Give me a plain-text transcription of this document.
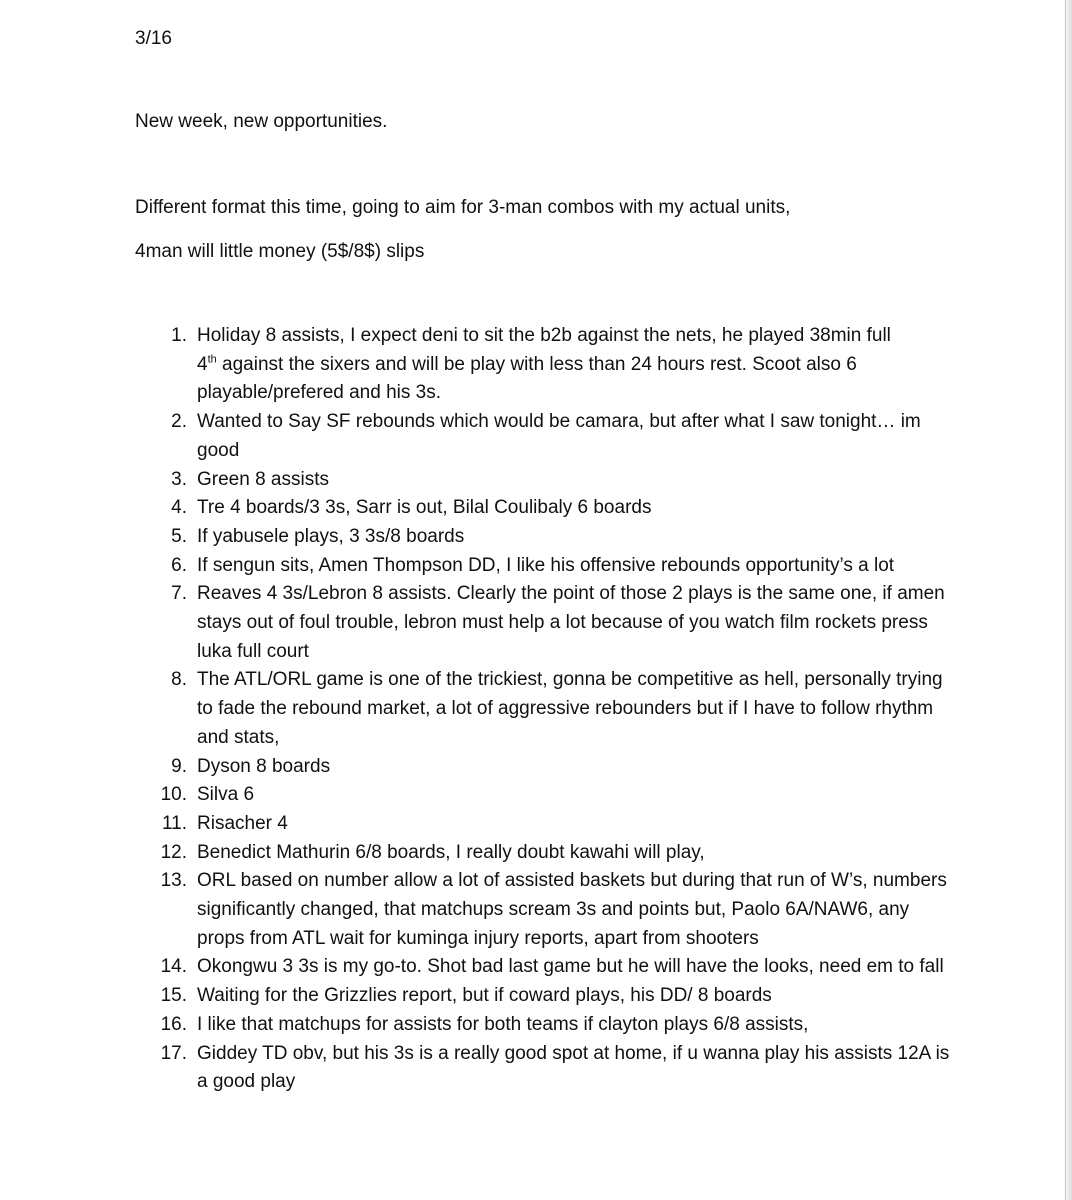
3/16

New week, new opportunities.

Different format this time, going to aim for 3-man combos with my actual units,

4man will little money (5$/8$) slips

1. Holiday 8 assists, I expect deni to sit the b2b against the nets, he played 38min full
4th against the sixers and will be play with less than 24 hours rest. Scoot also 6
playable/prefered and his 3s.
2. Wanted to Say SF rebounds which would be camara, but after what I saw tonight… im good
3. Green 8 assists
4. Tre 4 boards/3 3s, Sarr is out, Bilal Coulibaly 6 boards
5. If yabusele plays, 3 3s/8 boards
6. If sengun sits, Amen Thompson DD, I like his offensive rebounds opportunity’s a lot
7. Reaves 4 3s/Lebron 8 assists. Clearly the point of those 2 plays is the same one, if amen stays out of foul trouble, lebron must help a lot because of you watch film rockets press luka full court
8. The ATL/ORL game is one of the trickiest, gonna be competitive as hell, personally trying to fade the rebound market, a lot of aggressive rebounders but if I have to follow rhythm and stats,
9. Dyson 8 boards
10. Silva 6
11. Risacher 4
12. Benedict Mathurin 6/8 boards, I really doubt kawahi will play,
13. ORL based on number allow a lot of assisted baskets but during that run of W’s, numbers significantly changed, that matchups scream 3s and points but, Paolo 6A/NAW6, any props from ATL wait for kuminga injury reports, apart from shooters
14. Okongwu 3 3s is my go-to. Shot bad last game but he will have the looks, need em to fall
15. Waiting for the Grizzlies report, but if coward plays, his DD/ 8 boards
16. I like that matchups for assists for both teams if clayton plays 6/8 assists,
17. Giddey TD obv, but his 3s is a really good spot at home, if u wanna play his assists 12A is a good play
